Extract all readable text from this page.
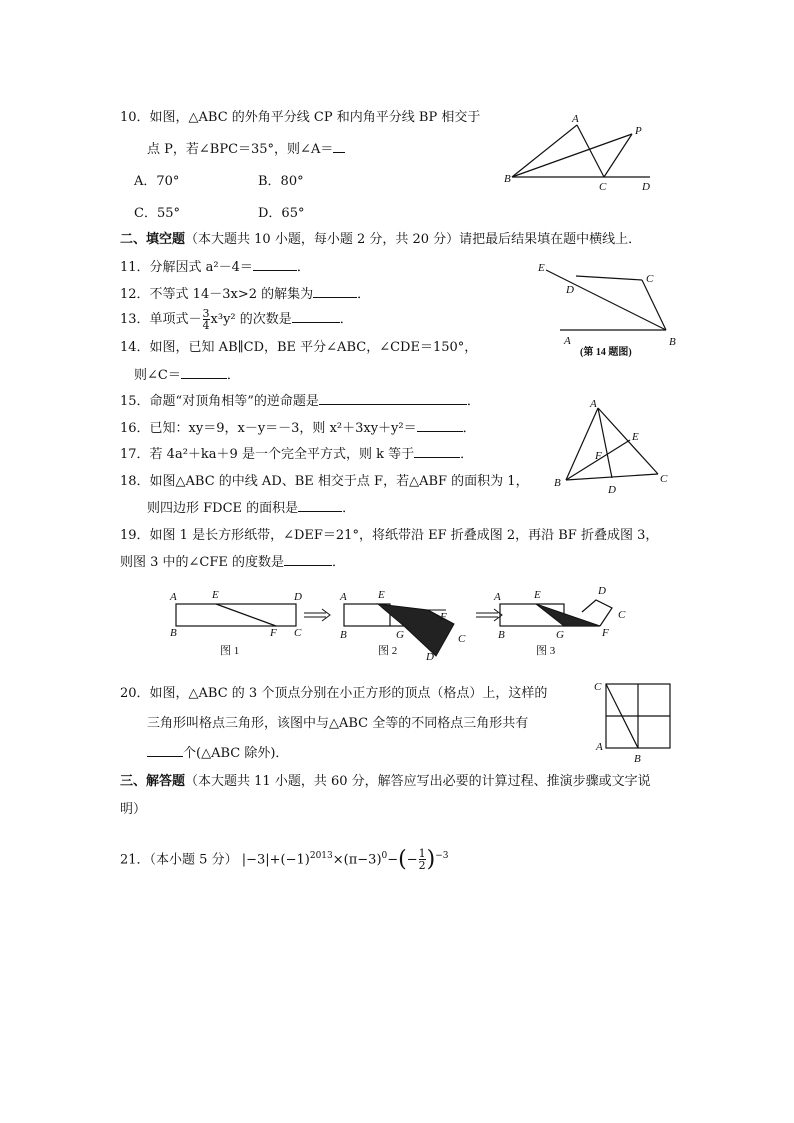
10．如图，△ABC 的外角平分线 CP 和内角平分线 BP 相交于
点 P，若∠BPC＝35°，则∠A＝
A．70°	B．80°
C．55°	D．65°
A
P
B
C	D
二、填空题（本大题共 10 小题，每小题 2 分，共 20 分）请把最后结果填在题中横线上．
11．分解因式 a²－4＝	．
12．不等式 14－3x>2 的解集为	．
13．单项式－ $\frac{3}{4} x^3y^2$ 的次数是	．
14．如图，已知 AB∥CD，BE 平分∠ABC，∠CDE＝150°，
则∠C＝	．
E
C
D
A	B
(第 14 题图)
15．命题“对顶角相等”的逆命题是	．
16．已知：xy＝9，x－y＝－3，则 x²＋3xy＋y²＝	．
17．若 4a²＋ka＋9 是一个完全平方式，则 k 等于	．
18．如图△ABC 的中线 AD、BE 相交于点 F，若△ABF 的面积为 1，
则四边形 FDCE 的面积是	．
A
E
F
B
D
C
19．如图 1 是长方形纸带，∠DEF＝21°，将纸带沿 EF 折叠成图 2，再沿 BF 折叠成图 3，
则图 3 中的∠CFE 的度数是	．
A	E	D
B	F C
图 1
A	E
F
B	G	C
D
图 2
A	E	D
C
B	G	F
图 3
20．如图，△ABC 的 3 个顶点分别在小正方形的顶点（格点）上，这样的
三角形叫格点三角形，该图中与△ABC 全等的不同格点三角形共有
个(△ABC 除外)．
C
A
B
三、解答题（本大题共 11 小题，共 60 分，解答应写出必要的计算过程、推演步骤或文字说
明）
21．（本小题 5 分） $|-3|+(-1)^{2013}\times(\pi-3)^0-(- \frac{1}{2} )^{-3}$
